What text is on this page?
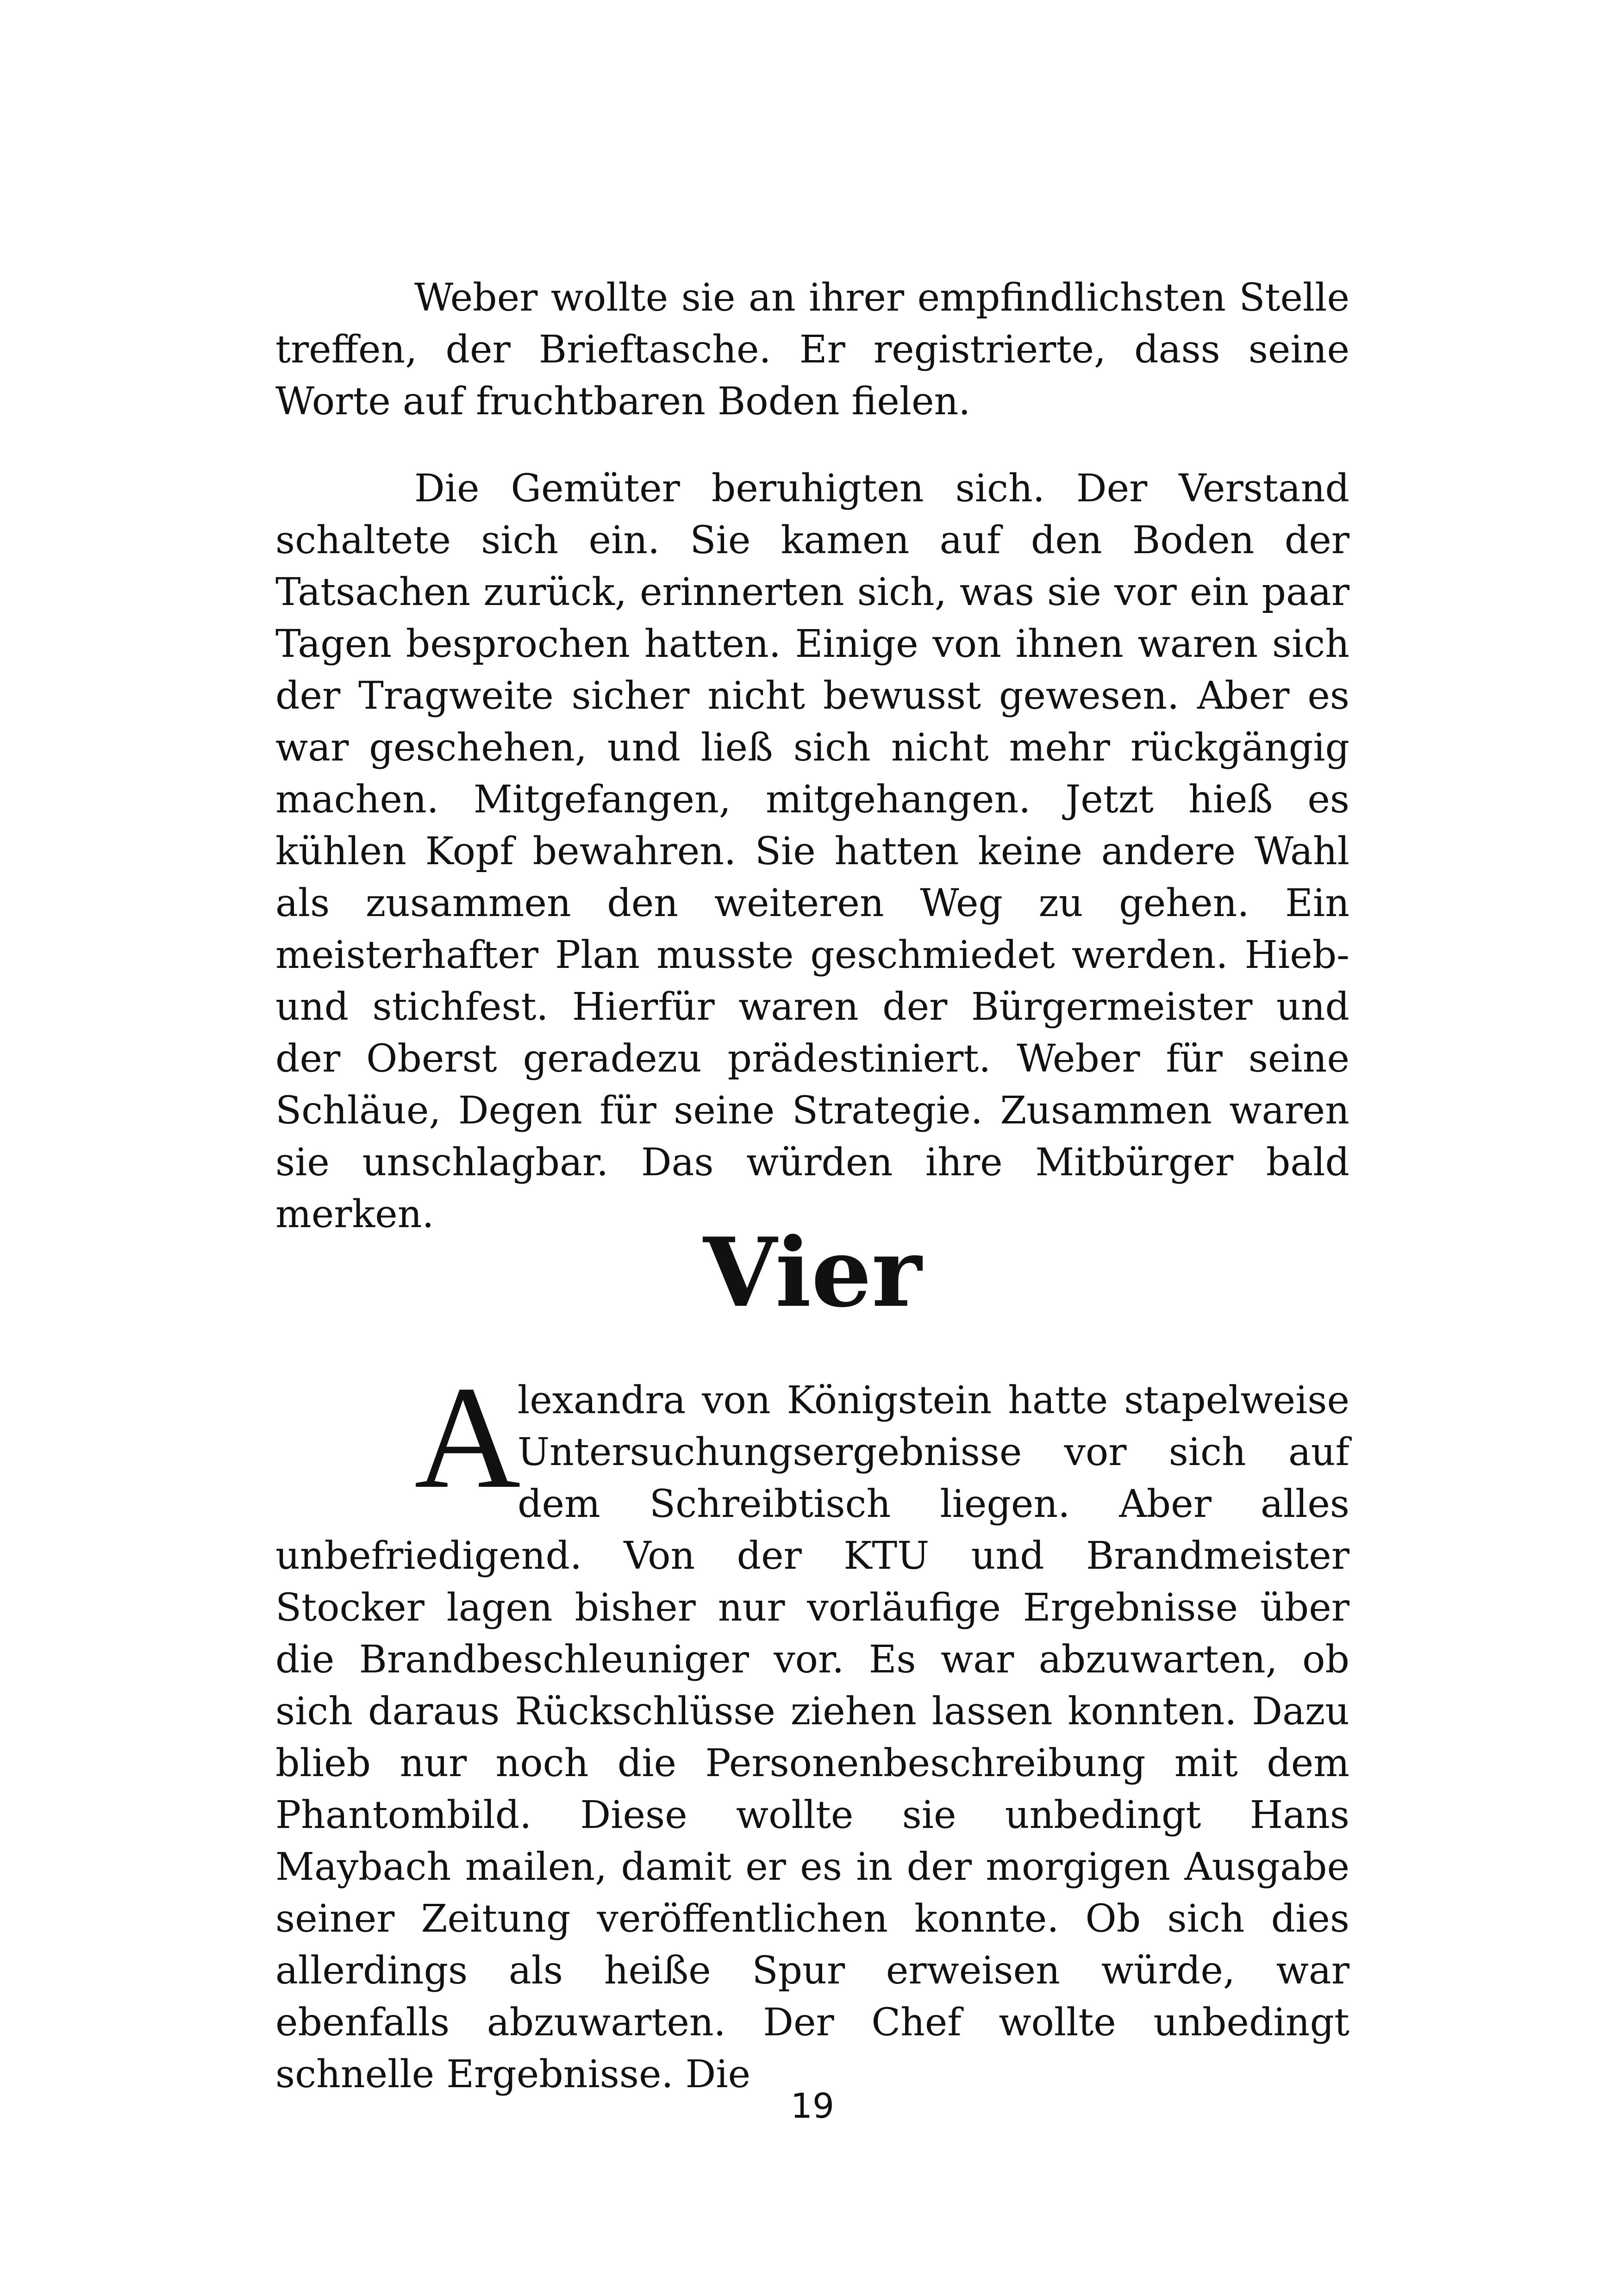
Weber wollte sie an ihrer empfindlichsten Stelle treffen, der Brieftasche. Er registrierte, dass seine Worte auf fruchtbaren Boden fielen.

Die Gemüter beruhigten sich. Der Verstand schaltete sich ein. Sie kamen auf den Boden der Tatsachen zurück, erinnerten sich, was sie vor ein paar Tagen besprochen hatten. Einige von ihnen waren sich der Tragweite sicher nicht bewusst gewesen. Aber es war geschehen, und ließ sich nicht mehr rückgängig machen. Mitgefangen, mitgehangen. Jetzt hieß es kühlen Kopf bewahren. Sie hatten keine andere Wahl als zusammen den weiteren Weg zu gehen. Ein meisterhafter Plan musste geschmiedet werden. Hieb- und stichfest. Hierfür waren der Bürgermeister und der Oberst geradezu prädestiniert. Weber für seine Schläue, Degen für seine Strategie. Zusammen waren sie unschlagbar. Das würden ihre Mitbürger bald merken.

Vier
A

lexandra von Königstein hatte stapelweise Untersuchungsergebnisse vor sich auf dem Schreibtisch liegen. Aber alles unbefriedigend. Von der KTU und Brandmeister Stocker lagen bisher nur vorläufige Ergebnisse über die Brandbeschleuniger vor. Es war abzuwarten, ob sich daraus Rückschlüsse ziehen lassen konnten. Dazu blieb nur noch die Personenbeschreibung mit dem Phantombild. Diese wollte sie unbedingt Hans Maybach mailen, damit er es in der morgigen Ausgabe seiner Zeitung veröffentlichen konnte. Ob sich dies allerdings als heiße Spur erweisen würde, war ebenfalls abzuwarten. Der Chef wollte unbedingt schnelle Ergebnisse. Die

19
